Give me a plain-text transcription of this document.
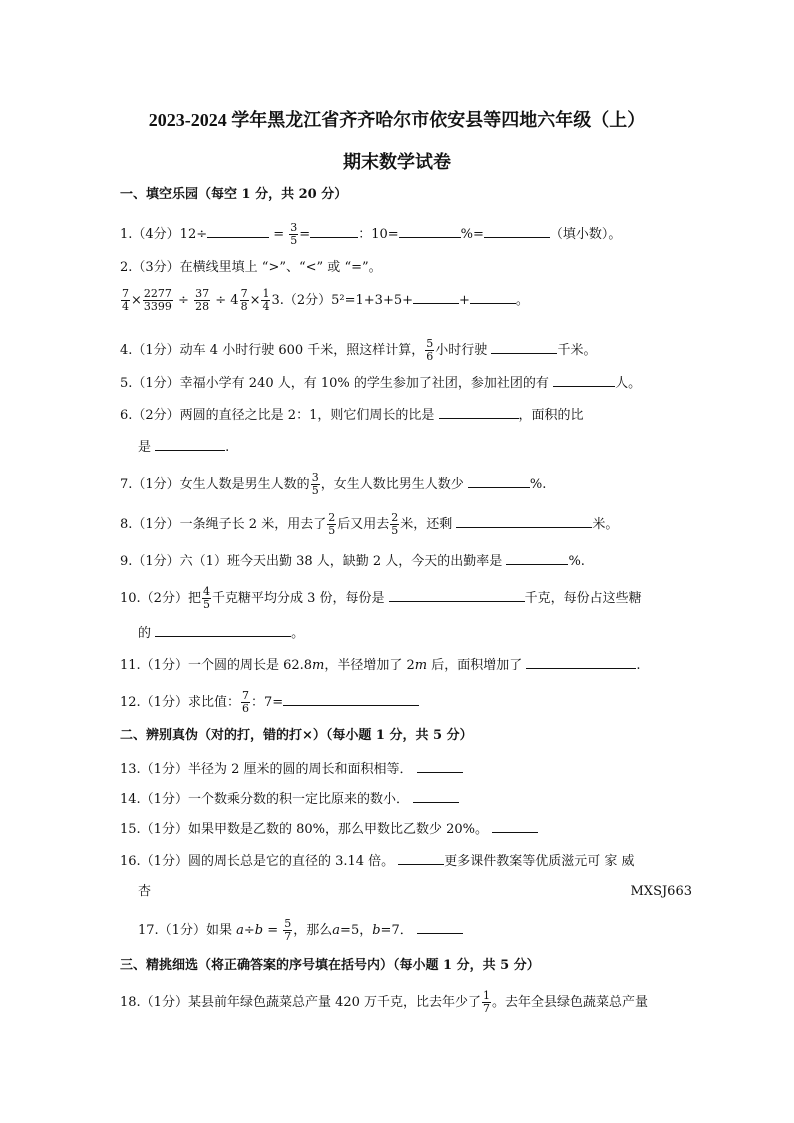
2023-2024 学年黑龙江省齐齐哈尔市依安县等四地六年级（上）
期末数学试卷
一、填空乐园（每空 1 分，共 20 分）
1.（4分）12÷	= $\frac{3}{5}$ =	：10=	%=	（填小数）。
2.（3分）在横线里填上 “>”、“<” 或 “=”。
$\frac{7}{4} \times \frac{2277}{3399} \div \frac{37}{28} \div 4 \frac{7}{8} \times \frac{1}{4} 3.(2$分）5²=1+3+5+	+	。
4.（1分）动车 4 小时行驶 600 千米，照这样计算， $\frac{5}{6}$ 小时行驶	千米。
5.（1分）幸福小学有 240 人，有 10% 的学生参加了社团，参加社团的有	人。
6.（2分）两圆的直径之比是 2：1，则它们周长的比是	，面积的比
是	.
7.（1分）女生人数是男生人数的 $\frac{3}{5}$ ，女生人数比男生人数少	%.
8.（1分）一条绳子长 2 米，用去了 $\frac{2}{5}$ 后又用去 $\frac{2}{5}$ 米，还剩	米。
9.（1分）六（1）班今天出勤 38 人，缺勤 2 人，今天的出勤率是	%.
10.（2分）把 $\frac{4}{5}$ 千克糖平均分成 3 份，每份是	千克，每份占这些糖
的	。
11.（1分）一个圆的周长是 62.8m，半径增加了 2m 后，面积增加了	.
12.（1分）求比值： $\frac{7}{6}$ ：7=
二、辨别真伪（对的打，错的打×）（每小题 1 分，共 5 分）
13.（1分）半径为 2 厘米的圆的周长和面积相等．
14.（1分）一个数乘分数的积一定比原来的数小．
15.（1分）如果甲数是乙数的 80%，那么甲数比乙数少 20%。
16.（1分）圆的周长总是它的直径的 3.14 倍。	更多课件教案等优质滋元可 家 威
杏	MXSJ663
17.（1分）如果 $a\div b = \frac{5}{7}$ ，那么a=5，b=7．
三、精挑细选（将正确答案的序号填在括号内）（每小题 1 分，共 5 分）
18.（1分）某县前年绿色蔬菜总产量 420 万千克，比去年少了 $\frac{1}{7}$ 。去年全县绿色蔬菜总产量
